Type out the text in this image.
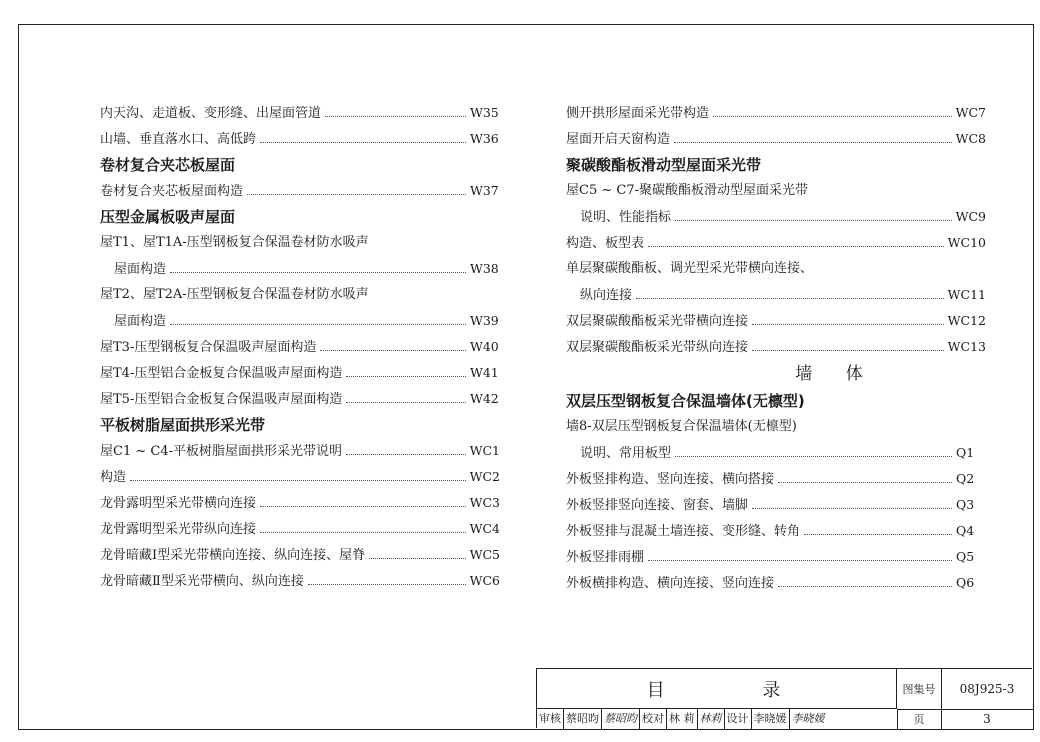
内天沟、走道板、变形缝、出屋面管道	W35
山墙、垂直落水口、高低跨	W36
卷材复合夹芯板屋面
卷材复合夹芯板屋面构造	W37
压型金属板吸声屋面
屋T1、屋T1A-压型钢板复合保温卷材防水吸声
屋面构造	W38
屋T2、屋T2A-压型钢板复合保温卷材防水吸声
屋面构造	W39
屋T3-压型钢板复合保温吸声屋面构造	W40
屋T4-压型铝合金板复合保温吸声屋面构造	W41
屋T5-压型铝合金板复合保温吸声屋面构造	W42
平板树脂屋面拱形采光带
屋C1 ~ C4-平板树脂屋面拱形采光带说明	WC1
构造	WC2
龙骨露明型采光带横向连接	WC3
龙骨露明型采光带纵向连接	WC4
龙骨暗藏Ⅰ型采光带横向连接、纵向连接、屋脊	WC5
龙骨暗藏Ⅱ型采光带横向、纵向连接	WC6
侧开拱形屋面采光带构造	WC7
屋面开启天窗构造	WC8
聚碳酸酯板滑动型屋面采光带
屋C5 ~ C7-聚碳酸酯板滑动型屋面采光带
说明、性能指标	WC9
构造、板型表	WC10
单层聚碳酸酯板、调光型采光带横向连接、
纵向连接	WC11
双层聚碳酸酯板采光带横向连接	WC12
双层聚碳酸酯板采光带纵向连接	WC13
墙 体
双层压型钢板复合保温墙体(无檩型)
墙8-双层压型钢板复合保温墙体(无檩型)
说明、常用板型	Q1
外板竖排构造、竖向连接、横向搭接	Q2
外板竖排竖向连接、窗套、墙脚	Q3
外板竖排与混凝土墙连接、变形缝、转角	Q4
外板竖排雨棚	Q5
外板横排构造、横向连接、竖向连接	Q6
目 录	图集号	08J925-3
审核 蔡昭昀 蔡昭昀 校对 林 莉 林莉 设计 李晓媛 李晓媛	页	3
